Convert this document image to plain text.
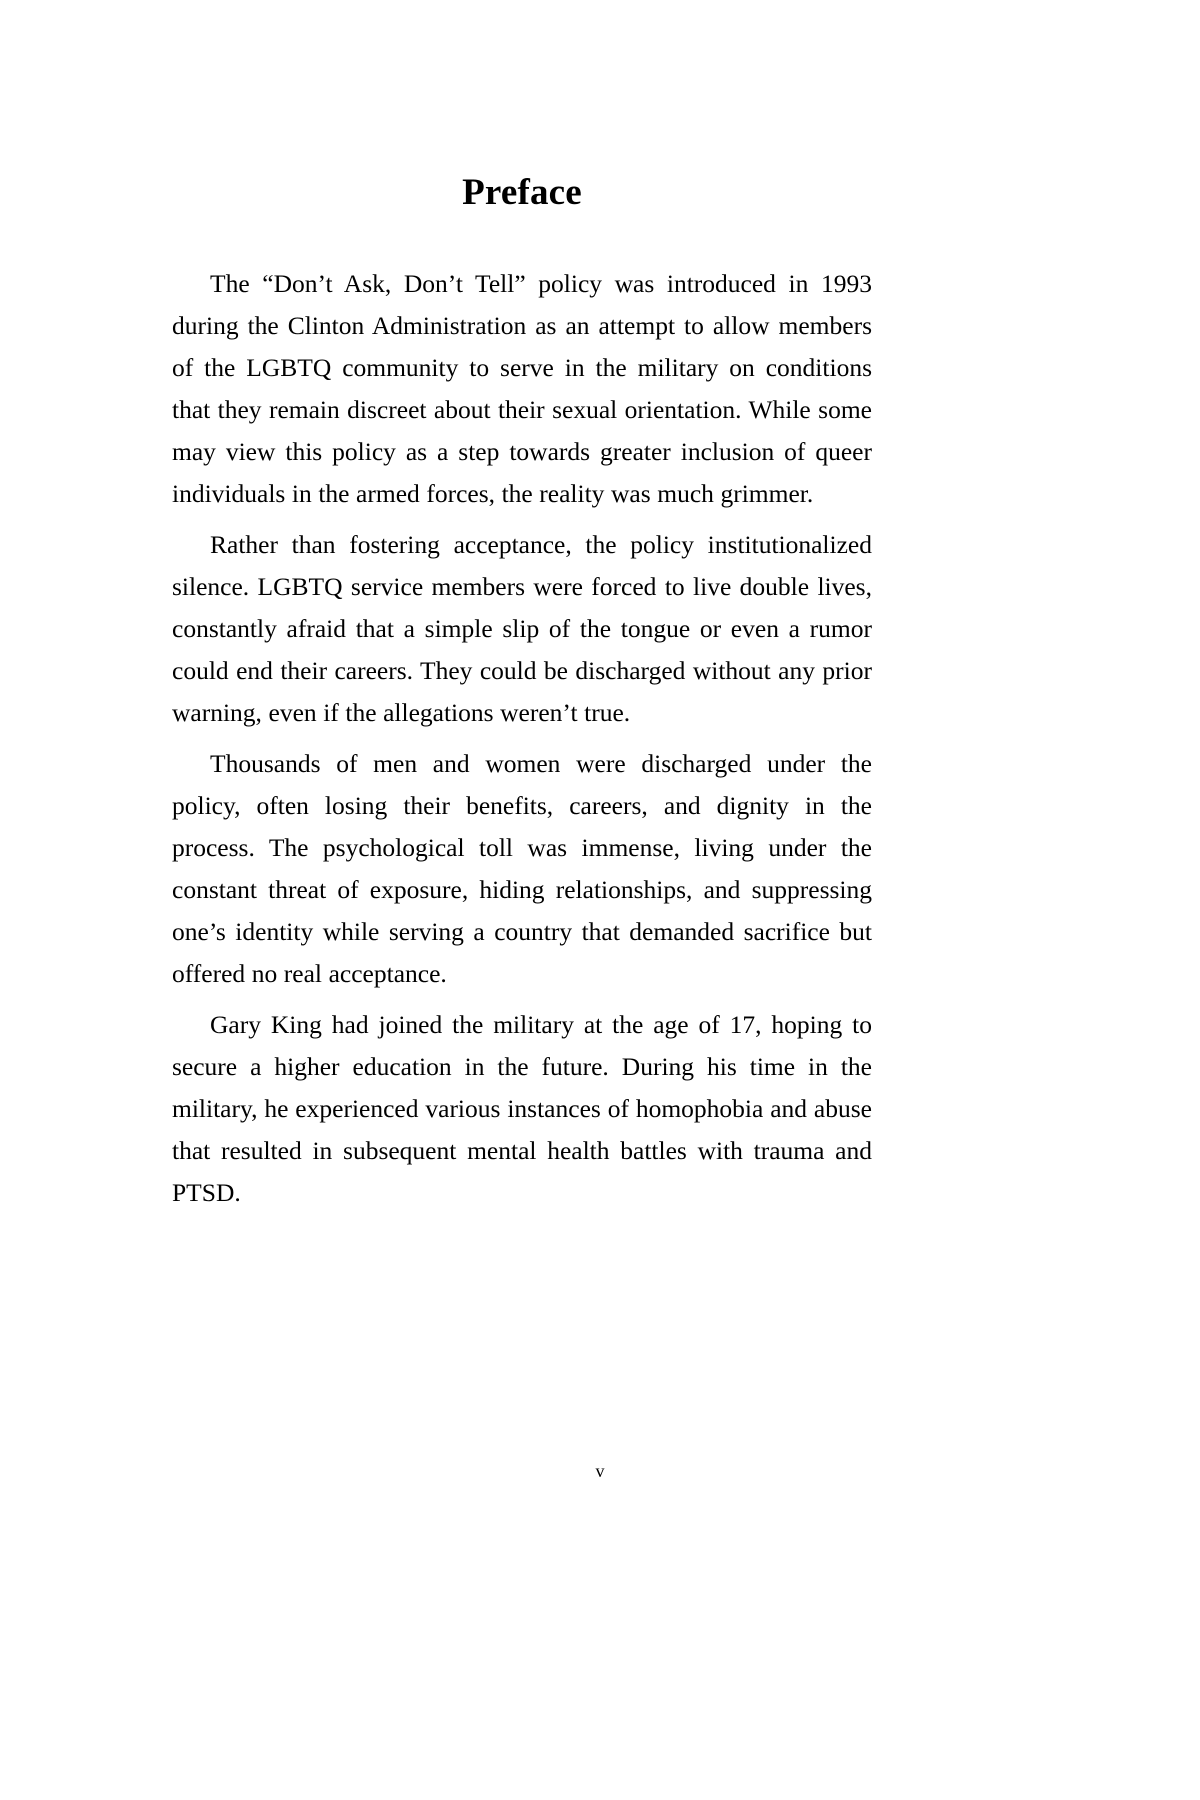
Preface

The “Don’t Ask, Don’t Tell” policy was introduced in 1993 during the Clinton Administration as an attempt to allow members of the LGBTQ community to serve in the military on conditions that they remain discreet about their sexual orientation. While some may view this policy as a step towards greater inclusion of queer individuals in the armed forces, the reality was much grimmer.

Rather than fostering acceptance, the policy institutionalized silence. LGBTQ service members were forced to live double lives, constantly afraid that a simple slip of the tongue or even a rumor could end their careers. They could be discharged without any prior warning, even if the allegations weren’t true.

Thousands of men and women were discharged under the policy, often losing their benefits, careers, and dignity in the process. The psychological toll was immense, living under the constant threat of exposure, hiding relationships, and suppressing one’s identity while serving a country that demanded sacrifice but offered no real acceptance.

Gary King had joined the military at the age of 17, hoping to secure a higher education in the future. During his time in the military, he experienced various instances of homophobia and abuse that resulted in subsequent mental health battles with trauma and PTSD.

v
